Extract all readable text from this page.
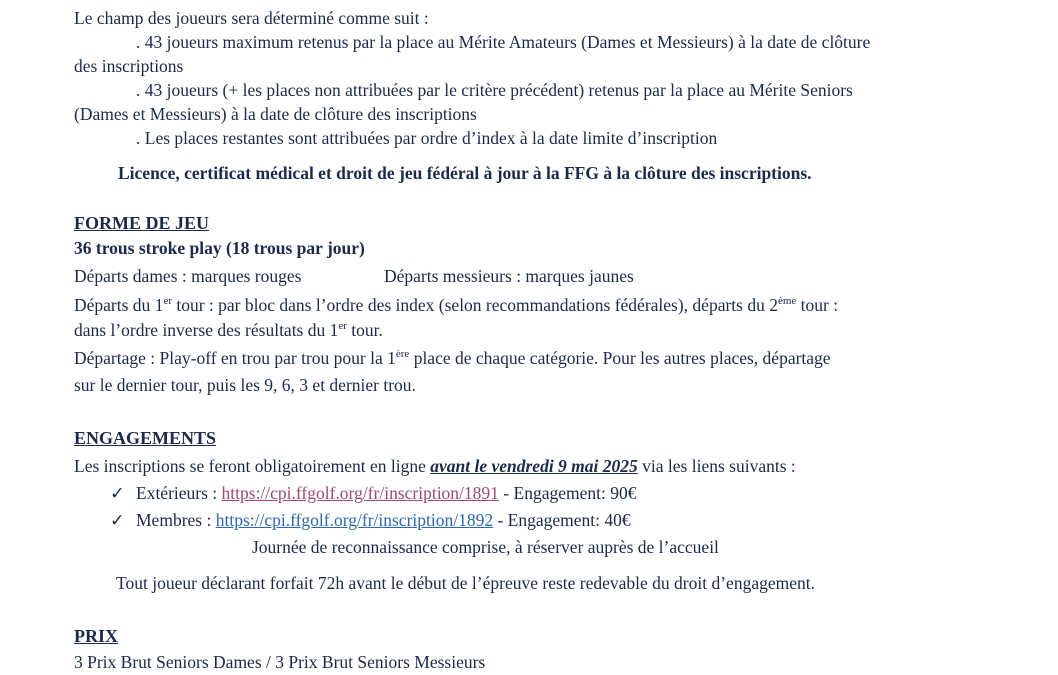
Le champ des joueurs sera déterminé comme suit :
. 43 joueurs maximum retenus par la place au Mérite Amateurs (Dames et Messieurs) à la date de clôture
des inscriptions
. 43 joueurs (+ les places non attribuées par le critère précédent) retenus par la place au Mérite Seniors
(Dames et Messieurs) à la date de clôture des inscriptions
. Les places restantes sont attribuées par ordre d’index à la date limite d’inscription
Licence, certificat médical et droit de jeu fédéral à jour à la FFG à la clôture des inscriptions.
FORME DE JEU
36 trous stroke play (18 trous par jour)
Départs dames : marques rouges	Départs messieurs : marques jaunes
Départs du 1er tour : par bloc dans l’ordre des index (selon recommandations fédérales), départs du 2ème tour :
dans l’ordre inverse des résultats du 1er tour.
Départage : Play-off en trou par trou pour la 1ère place de chaque catégorie. Pour les autres places, départage
sur le dernier tour, puis les 9, 6, 3 et dernier trou.
ENGAGEMENTS
Les inscriptions se feront obligatoirement en ligne avant le vendredi 9 mai 2025 via les liens suivants :
✓ Extérieurs : https://cpi.ffgolf.org/fr/inscription/1891 - Engagement: 90€
✓ Membres : https://cpi.ffgolf.org/fr/inscription/1892 - Engagement: 40€
Journée de reconnaissance comprise, à réserver auprès de l’accueil
Tout joueur déclarant forfait 72h avant le début de l’épreuve reste redevable du droit d’engagement.
PRIX
3 Prix Brut Seniors Dames / 3 Prix Brut Seniors Messieurs
